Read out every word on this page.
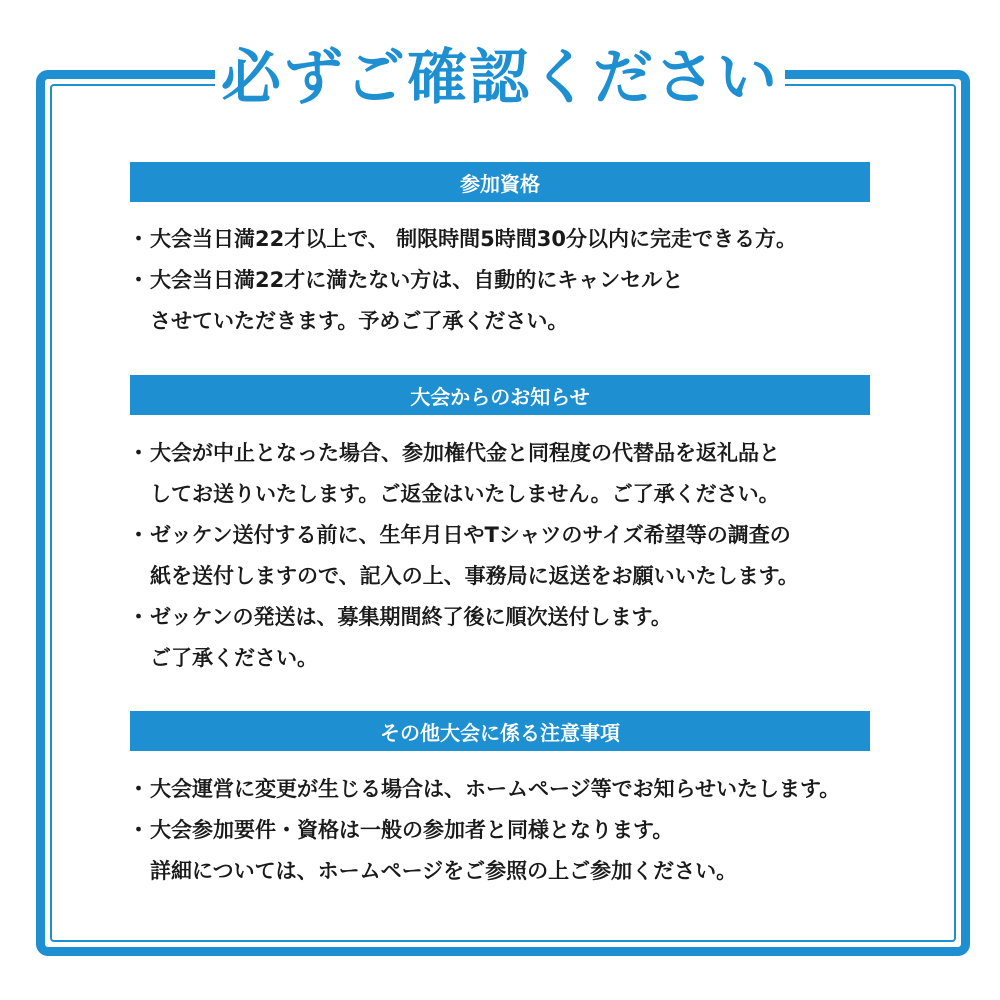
必ずご確認ください
参加資格
・ 大会当日満22才以上で、 制限時間5時間30分以内に完走できる方。
・ 大会当日満22才に満たない方は、自動的にキャンセルと
させていただきます。予めご了承ください。
大会からのお知らせ
・ 大会が中止となった場合、参加権代金と同程度の代替品を返礼品と
してお送りいたします。ご返金はいたしません。ご了承ください。
・ ゼッケン送付する前に、生年月日やTシャツのサイズ希望等の調査の
紙を送付しますので、記入の上、事務局に返送をお願いいたします。
・ ゼッケンの発送は、募集期間終了後に順次送付します。
ご了承ください。
その他大会に係る注意事項
・ 大会運営に変更が生じる場合は、ホームページ等でお知らせいたします。
・ 大会参加要件・資格は一般の参加者と同様となります。
詳細については、ホームページをご参照の上ご参加ください。
